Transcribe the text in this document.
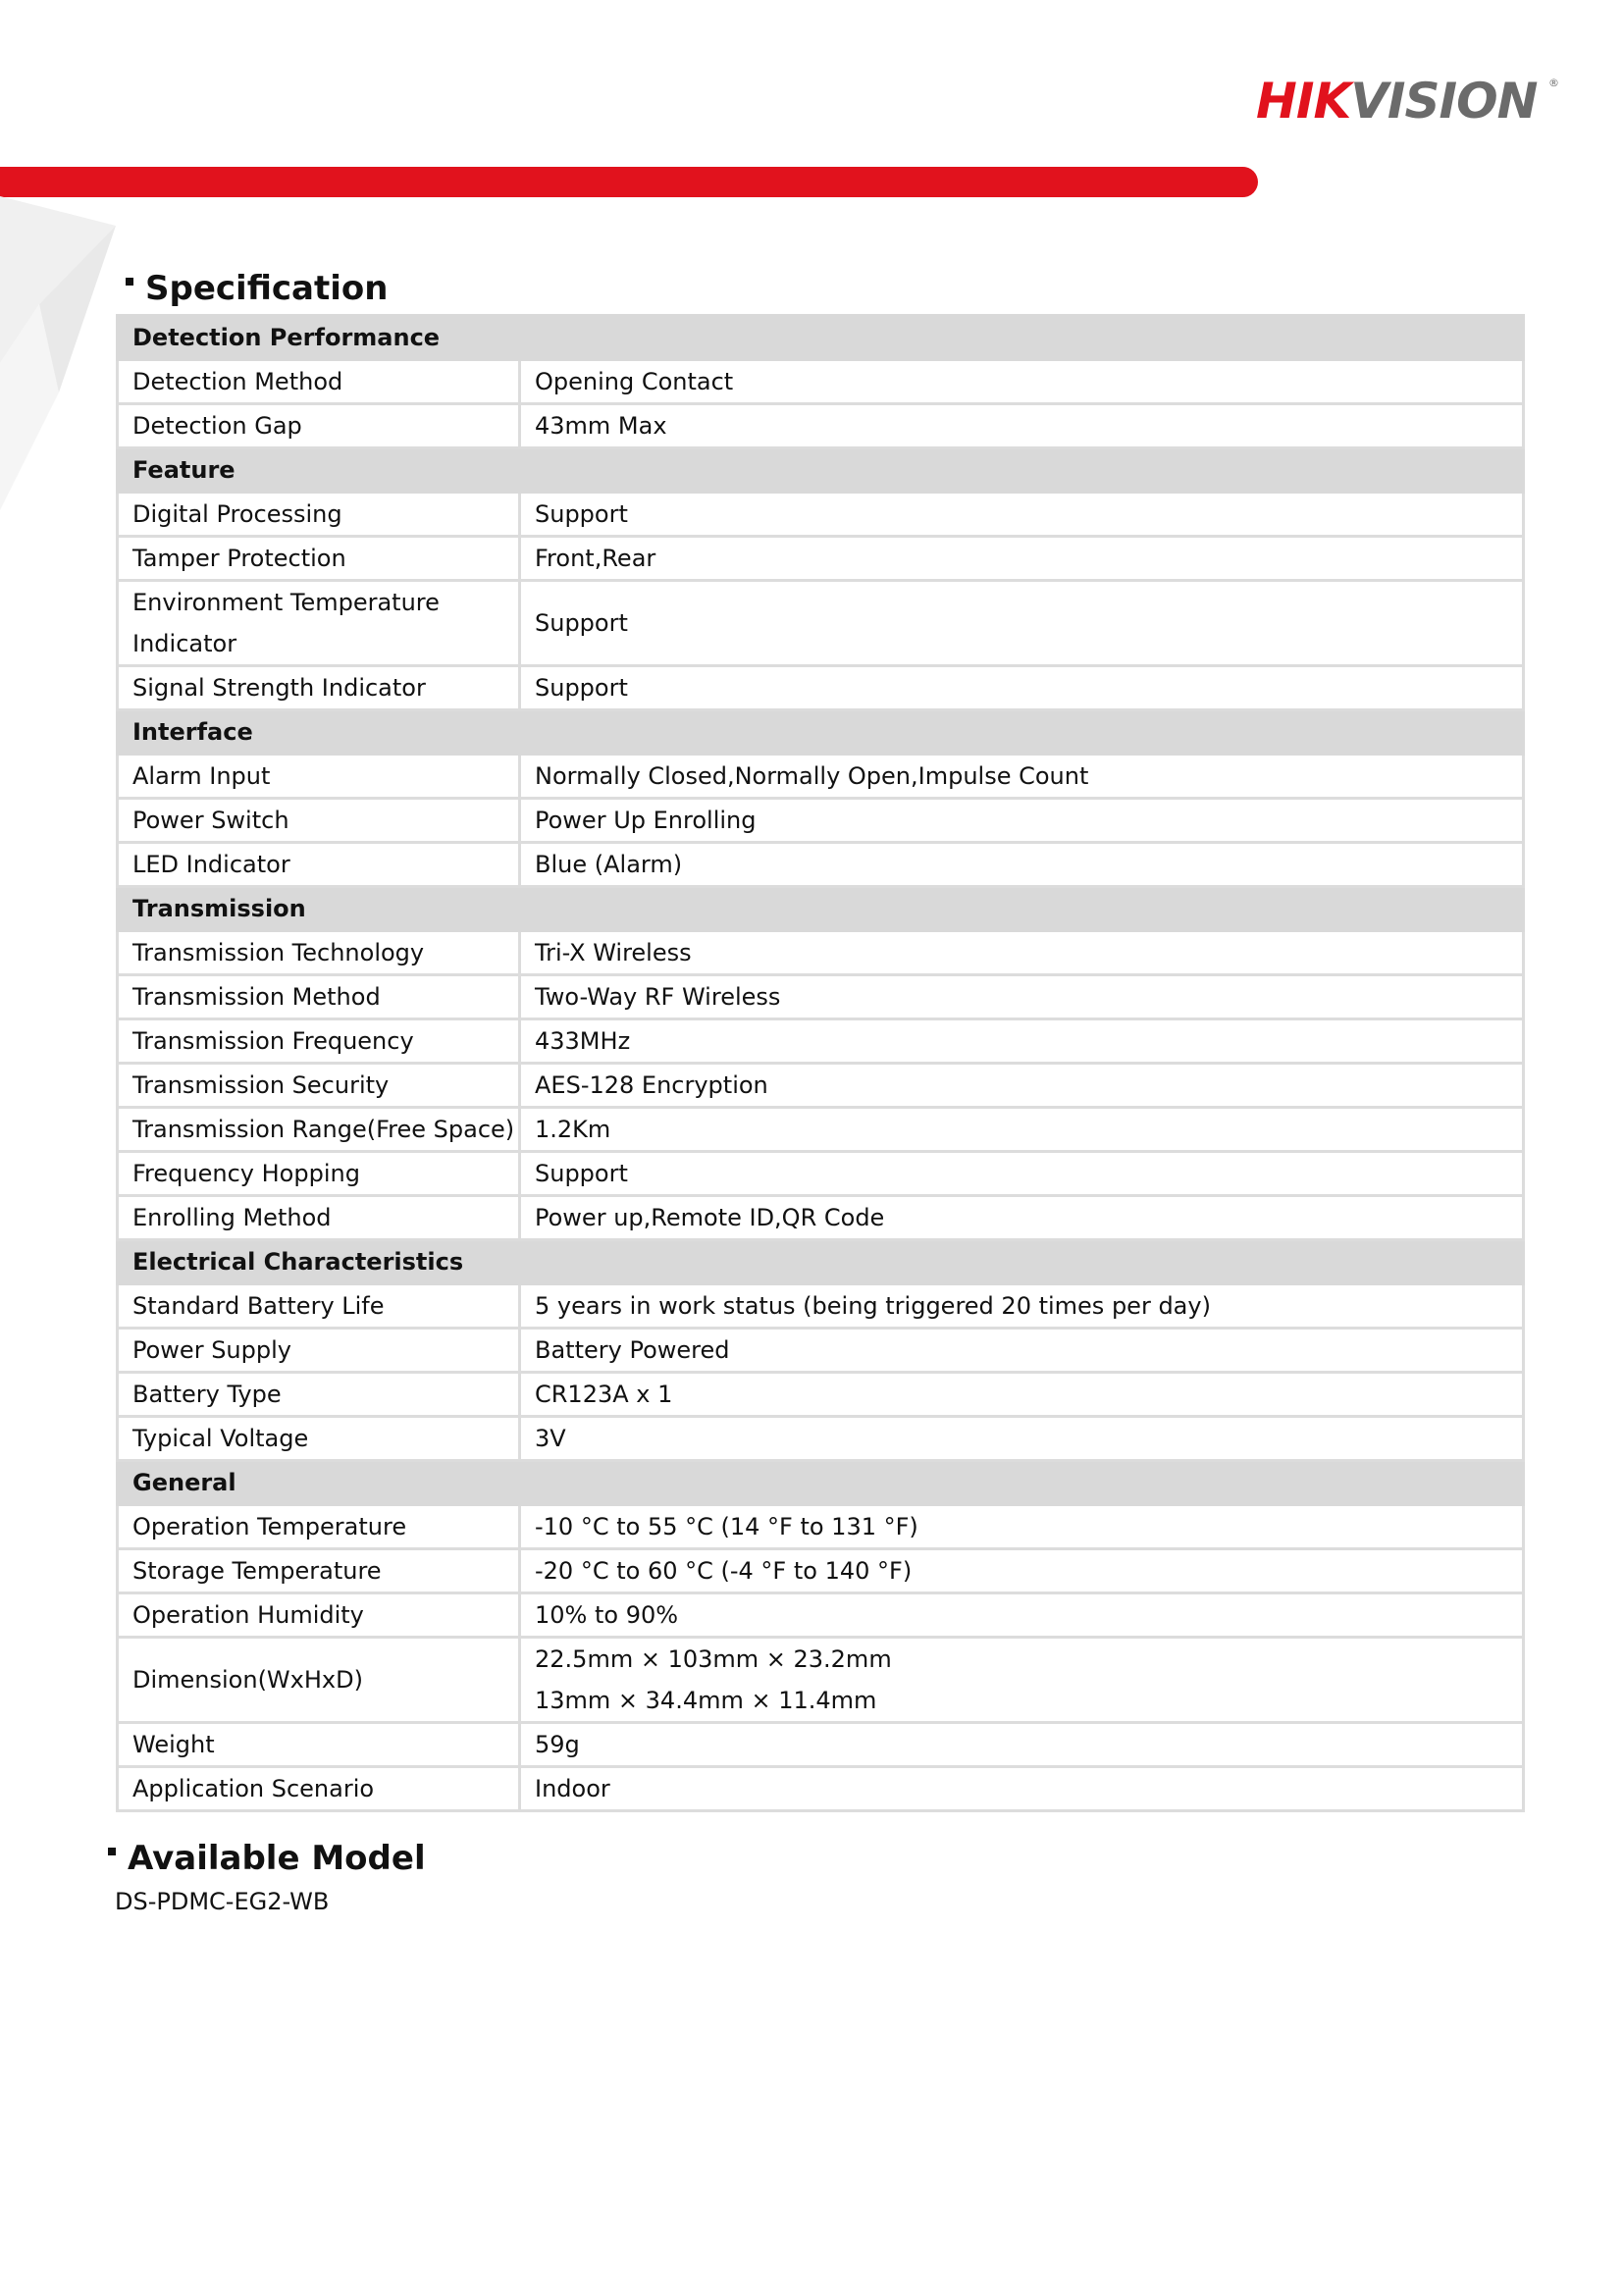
HIKVISION ®
Specification
Detection Performance	
Detection Method	Opening Contact
Detection Gap	43mm Max
Feature	
Digital Processing	Support
Tamper Protection	Front,Rear
Environment Temperature Indicator	Support
Signal Strength Indicator	Support
Interface	
Alarm Input	Normally Closed,Normally Open,Impulse Count
Power Switch	Power Up Enrolling
LED Indicator	Blue (Alarm)
Transmission	
Transmission Technology	Tri-X Wireless
Transmission Method	Two-Way RF Wireless
Transmission Frequency	433MHz
Transmission Security	AES-128 Encryption
Transmission Range(Free Space)	1.2Km
Frequency Hopping	Support
Enrolling Method	Power up,Remote ID,QR Code
Electrical Characteristics	
Standard Battery Life	5 years in work status (being triggered 20 times per day)
Power Supply	Battery Powered
Battery Type	CR123A x 1
Typical Voltage	3V
General	
Operation Temperature	-10 °C to 55 °C (14 °F to 131 °F)
Storage Temperature	-20 °C to 60 °C (-4 °F to 140 °F)
Operation Humidity	10% to 90%
Dimension(WxHxD)	22.5mm × 103mm × 23.2mm
13mm × 34.4mm × 11.4mm

Weight	59g
Application Scenario	Indoor
Available Model
DS-PDMC-EG2-WB
